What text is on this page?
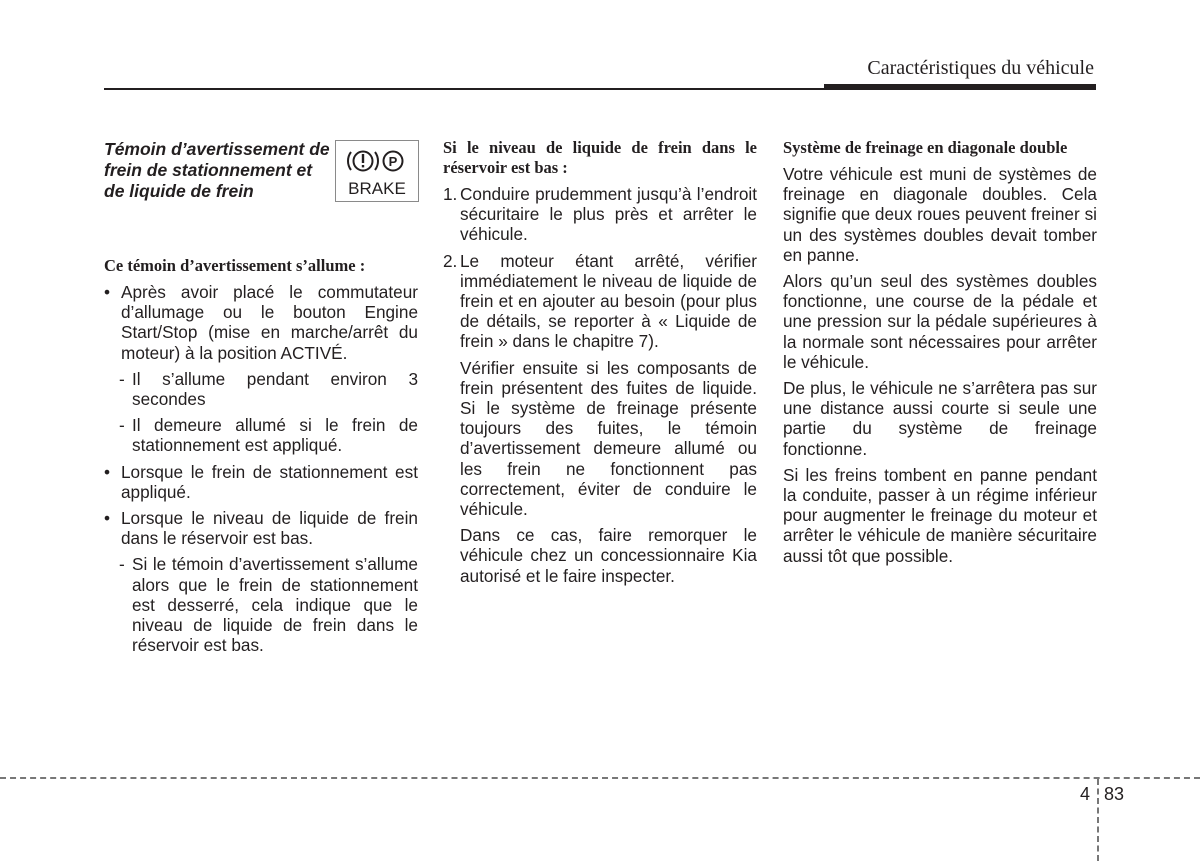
Caractéristiques du véhicule

Témoin d’avertissement de frein de stationnement et de liquide de frein

P
BRAKE

Ce témoin d’avertissement s’allume :

• Après avoir placé le commutateur d’allumage ou le bouton Engine Start/Stop (mise en marche/arrêt du moteur) à la position ACTIVÉ.
- Il s’allume pendant environ 3 secondes
- Il demeure allumé si le frein de stationnement est appliqué.
• Lorsque le frein de stationnement est appliqué.
• Lorsque le niveau de liquide de frein dans le réservoir est bas.
- Si le témoin d’avertissement s’allume alors que le frein de stationnement est desserré, cela indique que le niveau de liquide de frein dans le réservoir est bas.

Si le niveau de liquide de frein dans le réservoir est bas :

1. Conduire prudemment jusqu’à l’endroit sécuritaire le plus près et arrêter le véhicule.
2. Le moteur étant arrêté, vérifier immédiatement le niveau de liquide de frein et en ajouter au besoin (pour plus de détails, se reporter à « Liquide de frein » dans le chapitre 7).

Vérifier ensuite si les composants de frein présentent des fuites de liquide. Si le système de freinage présente toujours des fuites, le témoin d’avertissement demeure allumé ou les frein ne fonctionnent pas correctement, éviter de conduire le véhicule.

Dans ce cas, faire remorquer le véhicule chez un concessionnaire Kia autorisé et le faire inspecter.

Système de freinage en diagonale double

Votre véhicule est muni de systèmes de freinage en diagonale doubles. Cela signifie que deux roues peuvent freiner si un des systèmes doubles devait tomber en panne.

Alors qu’un seul des systèmes doubles fonctionne, une course de la pédale et une pression sur la pédale supérieures à la normale sont nécessaires pour arrêter le véhicule.

De plus, le véhicule ne s’arrêtera pas sur une distance aussi courte si seule une partie du système de freinage fonctionne.

Si les freins tombent en panne pendant la conduite, passer à un régime inférieur pour augmenter le freinage du moteur et arrêter le véhicule de manière sécuritaire aussi tôt que possible.

4 83
